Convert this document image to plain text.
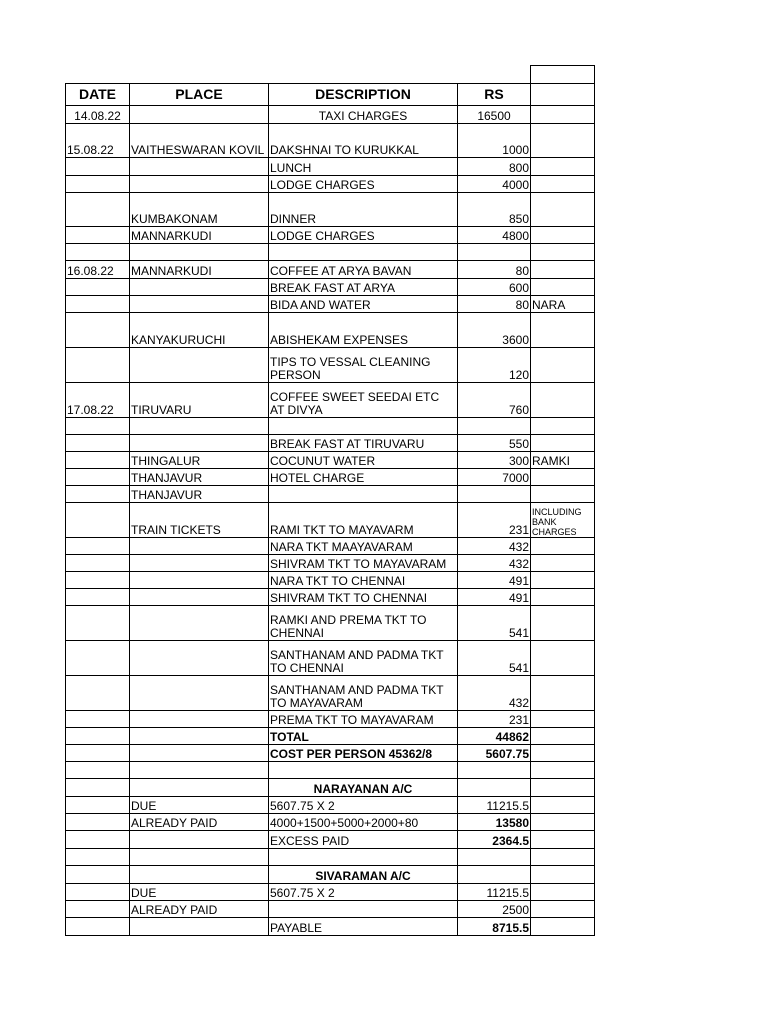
DATE	PLACE	DESCRIPTION	RS	
14.08.22		TAXI CHARGES	16500	
15.08.22	VAITHESWARAN KOVIL	DAKSHNAI TO KURUKKAL	1000	
		LUNCH	800	
		LODGE CHARGES	4000	
	KUMBAKONAM	DINNER	850	
	MANNARKUDI	LODGE CHARGES	4800	

16.08.22	MANNARKUDI	COFFEE AT ARYA BAVAN	80	
		BREAK FAST AT ARYA	600	
		BIDA AND WATER	80	NARA
	KANYAKURUCHI	ABISHEKAM EXPENSES	3600	
		TIPS TO VESSAL CLEANING PERSON	120	
17.08.22	TIRUVARU	COFFEE SWEET SEEDAI ETC AT DIVYA	760	

		BREAK FAST AT TIRUVARU	550	
	THINGALUR	COCUNUT WATER	300	RAMKI
	THANJAVUR	HOTEL CHARGE	7000	
	THANJAVUR			
	TRAIN TICKETS	RAMI TKT TO MAYAVARM	231	INCLUDING BANK CHARGES
		NARA TKT MAAYAVARAM	432	
		SHIVRAM TKT TO MAYAVARAM	432	
		NARA TKT TO CHENNAI	491	
		SHIVRAM TKT TO CHENNAI	491	
		RAMKI AND PREMA TKT TO CHENNAI	541	
		SANTHANAM AND PADMA TKT TO CHENNAI	541	
		SANTHANAM AND PADMA TKT TO MAYAVARAM	432	
		PREMA TKT TO MAYAVARAM	231	
		TOTAL	44862	
		COST PER PERSON 45362/8	5607.75	

		NARAYANAN A/C		
	DUE	5607.75 X 2	11215.5	
	ALREADY PAID	4000+1500+5000+2000+80	13580	
		EXCESS PAID	2364.5	

		SIVARAMAN A/C		
	DUE	5607.75 X 2	11215.5	
	ALREADY PAID		2500	
		PAYABLE	8715.5	
